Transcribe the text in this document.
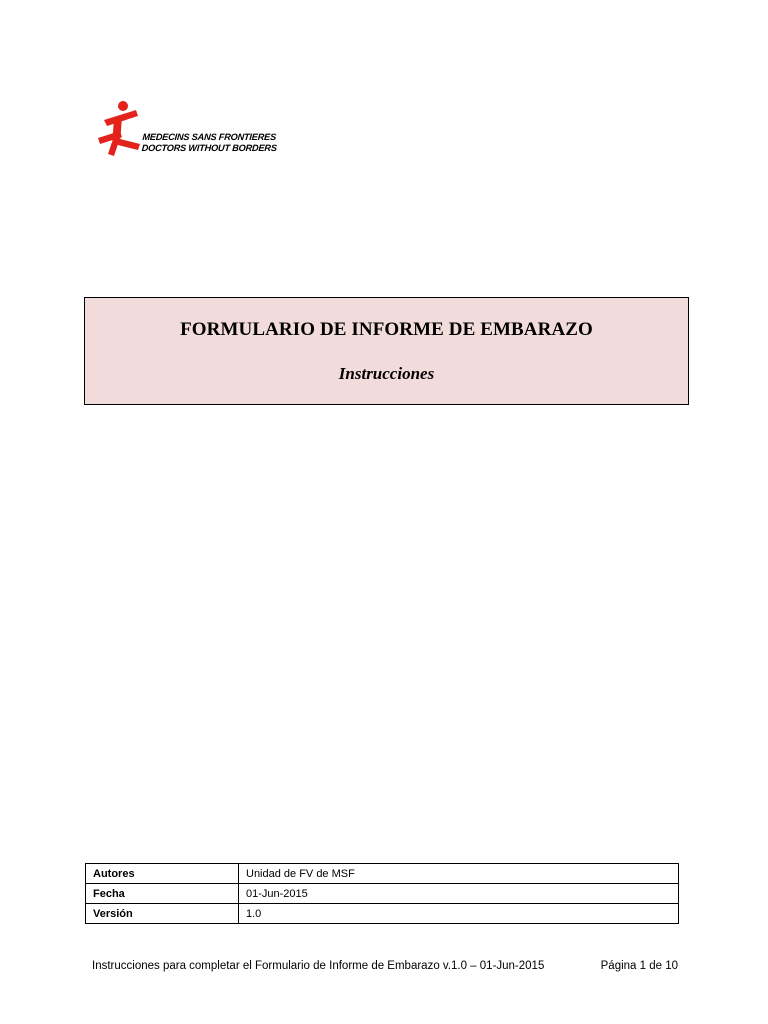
MEDECINS SANS FRONTIERES
DOCTORS WITHOUT BORDERS
FORMULARIO DE INFORME DE EMBARAZO
Instrucciones
Autores	Unidad de FV de MSF
Fecha	01-Jun-2015
Versión	1.0
Instrucciones para completar el Formulario de Informe de Embarazo v.1.0 – 01-Jun-2015	Página 1 de 10
